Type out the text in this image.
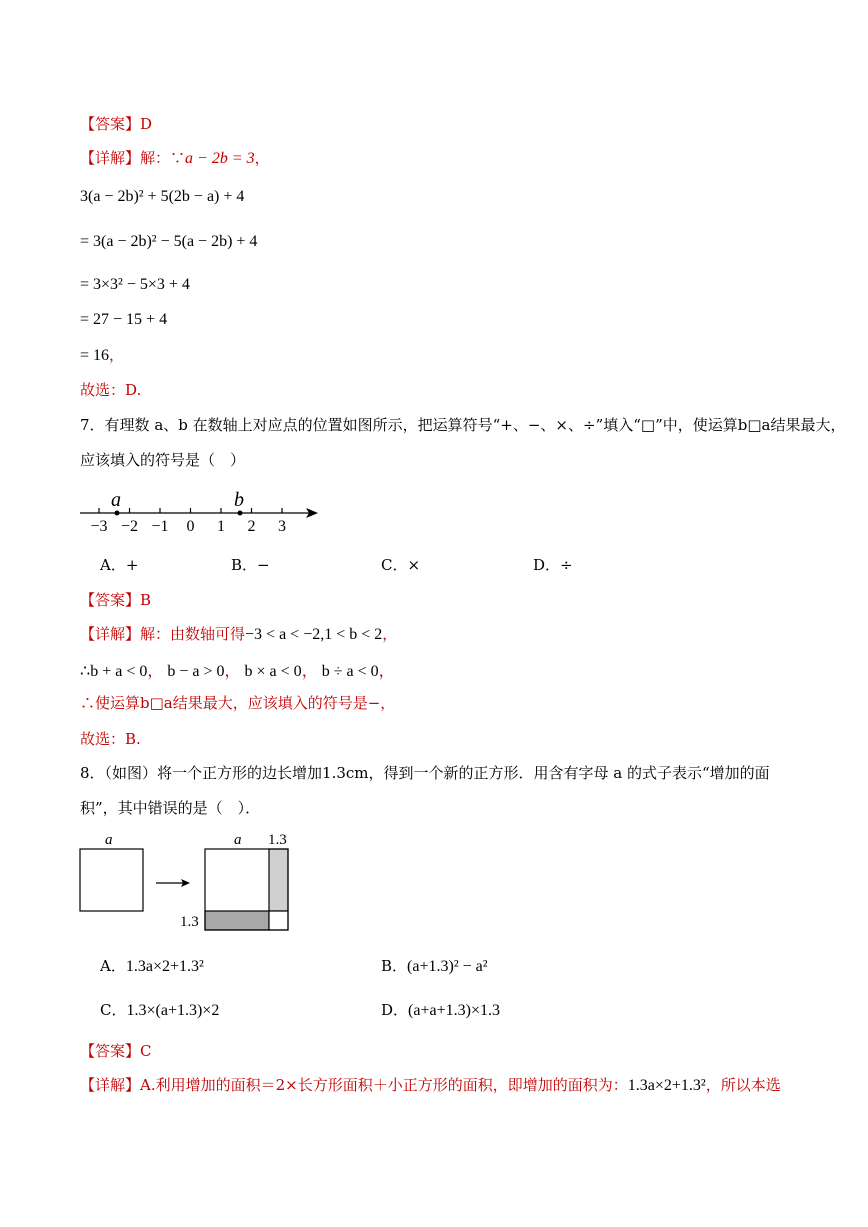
【答案】D
【详解】解：∵a − 2b = 3，
3(a − 2b)² + 5(2b − a) + 4
= 3(a − 2b)² − 5(a − 2b) + 4
= 3×3² − 5×3 + 4
= 27 − 15 + 4
= 16，
故选：D.
7．有理数 a、b 在数轴上对应点的位置如图所示，把运算符号“+、−、×、÷”填入“□”中，使运算b□a结果最大，
应该填入的符号是（　）
−3 −2 −1 0 1 2 3
a	b
A．+	B．−	C．×	D．÷
【答案】B
【详解】解：由数轴可得−3 < a < −2,1 < b < 2，
∴b + a < 0， b − a > 0， b × a < 0， b ÷ a < 0，
∴使运算b□a结果最大，应该填入的符号是−，
故选：B.
8．（如图）将一个正方形的边长增加1.3cm，得到一个新的正方形．用含有字母 a 的式子表示“增加的面
积”，其中错误的是（　）．
a	a 1.3
1.3
A．1.3a×2+1.3²	B．(a+1.3)² − a²
C．1.3×(a+1.3)×2	D．(a+a+1.3)×1.3
【答案】C
【详解】A.利用增加的面积＝2×长方形面积＋小正方形的面积，即增加的面积为：1.3a×2+1.3²，所以本选
